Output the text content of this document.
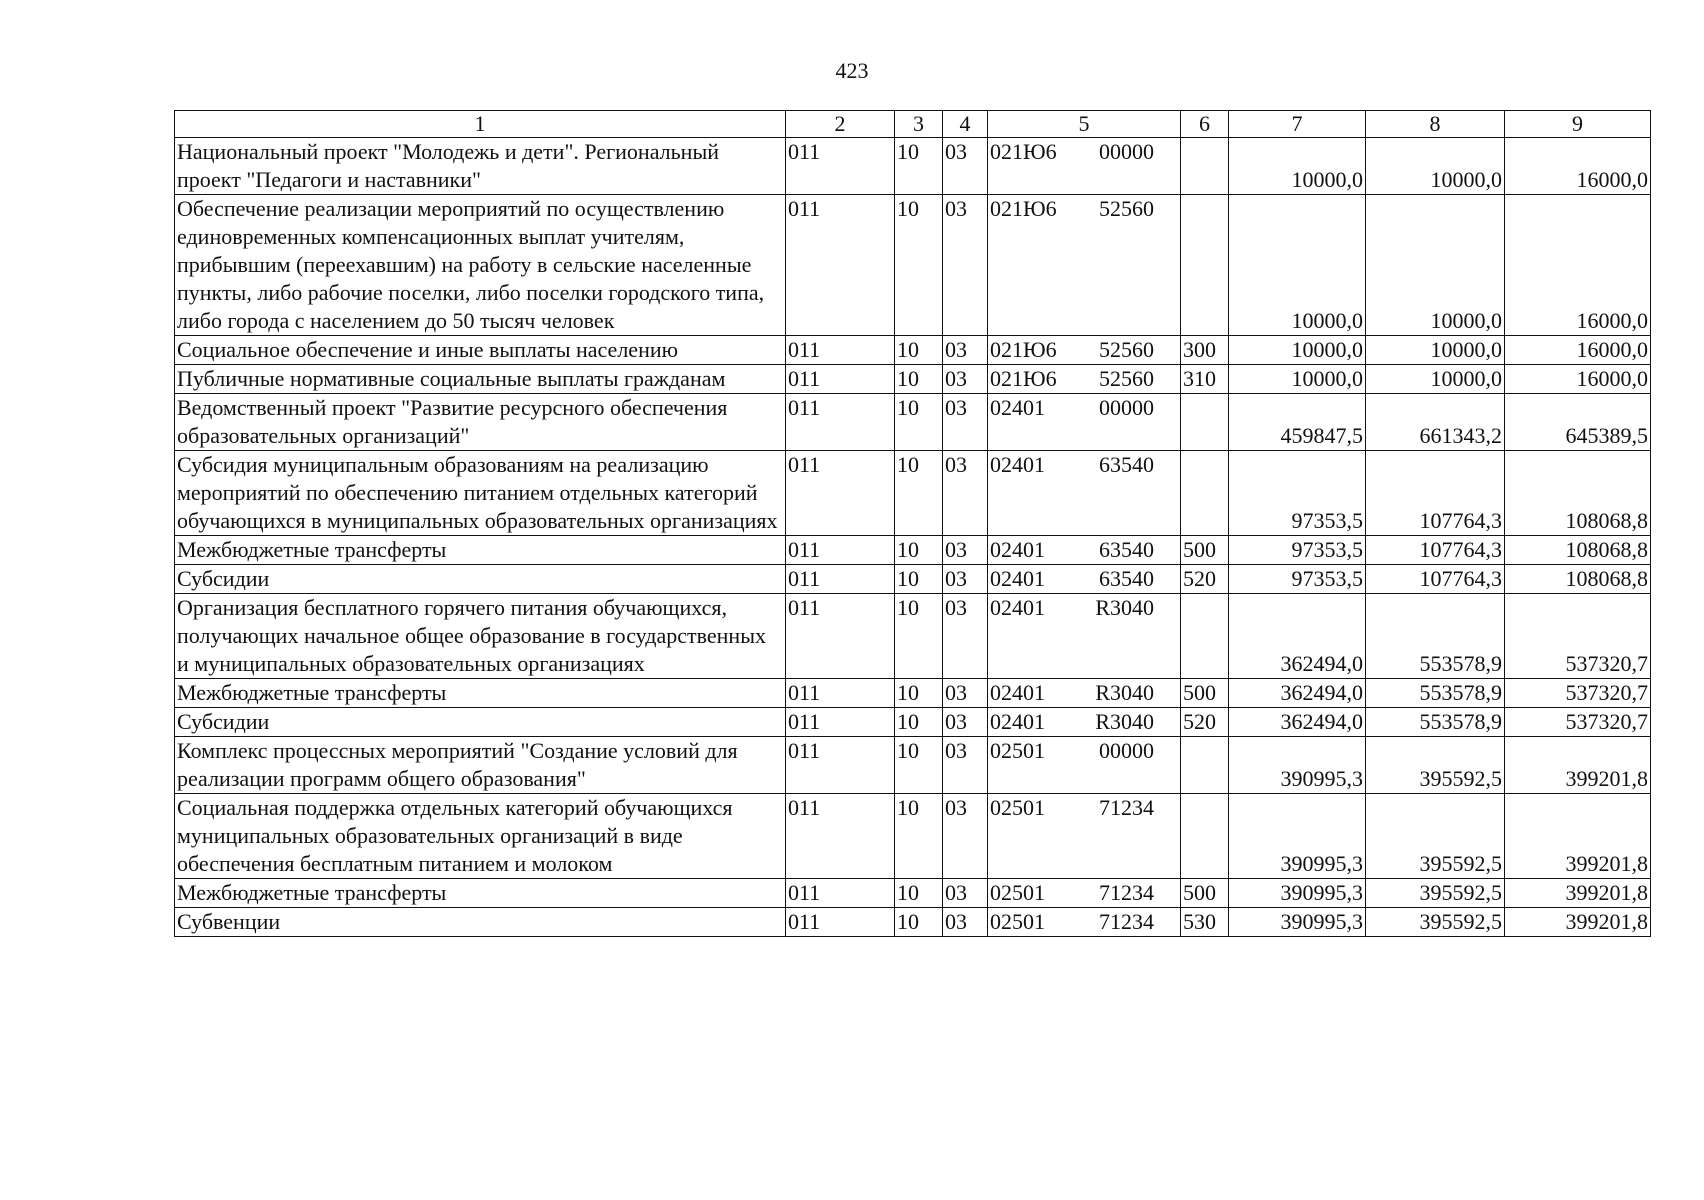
423
1	2	3	4	5	6	7	8	9
Национальный проект "Молодежь и дети". Региональный проект "Педагоги и наставники"	011	10	03	021Ю6 00000		10000,0	10000,0	16000,0
Обеспечение реализации мероприятий по осуществлению единовременных компенсационных выплат учителям, прибывшим (переехавшим) на работу в сельские населенные пункты, либо рабочие поселки, либо поселки городского типа, либо города с населением до 50 тысяч человек	011	10	03	021Ю6 52560		10000,0	10000,0	16000,0
Социальное обеспечение и иные выплаты населению	011	10	03	021Ю6 52560	300	10000,0	10000,0	16000,0
Публичные нормативные социальные выплаты гражданам	011	10	03	021Ю6 52560	310	10000,0	10000,0	16000,0
Ведомственный проект "Развитие ресурсного обеспечения образовательных организаций"	011	10	03	02401 00000		459847,5	661343,2	645389,5
Субсидия муниципальным образованиям на реализацию мероприятий по обеспечению питанием отдельных категорий обучающихся в муниципальных образовательных организациях	011	10	03	02401 63540		97353,5	107764,3	108068,8
Межбюджетные трансферты	011	10	03	02401 63540	500	97353,5	107764,3	108068,8
Субсидии	011	10	03	02401 63540	520	97353,5	107764,3	108068,8
Организация бесплатного горячего питания обучающихся, получающих начальное общее образование в государственных и муниципальных образовательных организациях	011	10	03	02401 R3040		362494,0	553578,9	537320,7
Межбюджетные трансферты	011	10	03	02401 R3040	500	362494,0	553578,9	537320,7
Субсидии	011	10	03	02401 R3040	520	362494,0	553578,9	537320,7
Комплекс процессных мероприятий "Создание условий для реализации программ общего образования"	011	10	03	02501 00000		390995,3	395592,5	399201,8
Социальная поддержка отдельных категорий обучающихся муниципальных образовательных организаций в виде обеспечения бесплатным питанием и молоком	011	10	03	02501 71234		390995,3	395592,5	399201,8
Межбюджетные трансферты	011	10	03	02501 71234	500	390995,3	395592,5	399201,8
Субвенции	011	10	03	02501 71234	530	390995,3	395592,5	399201,8
